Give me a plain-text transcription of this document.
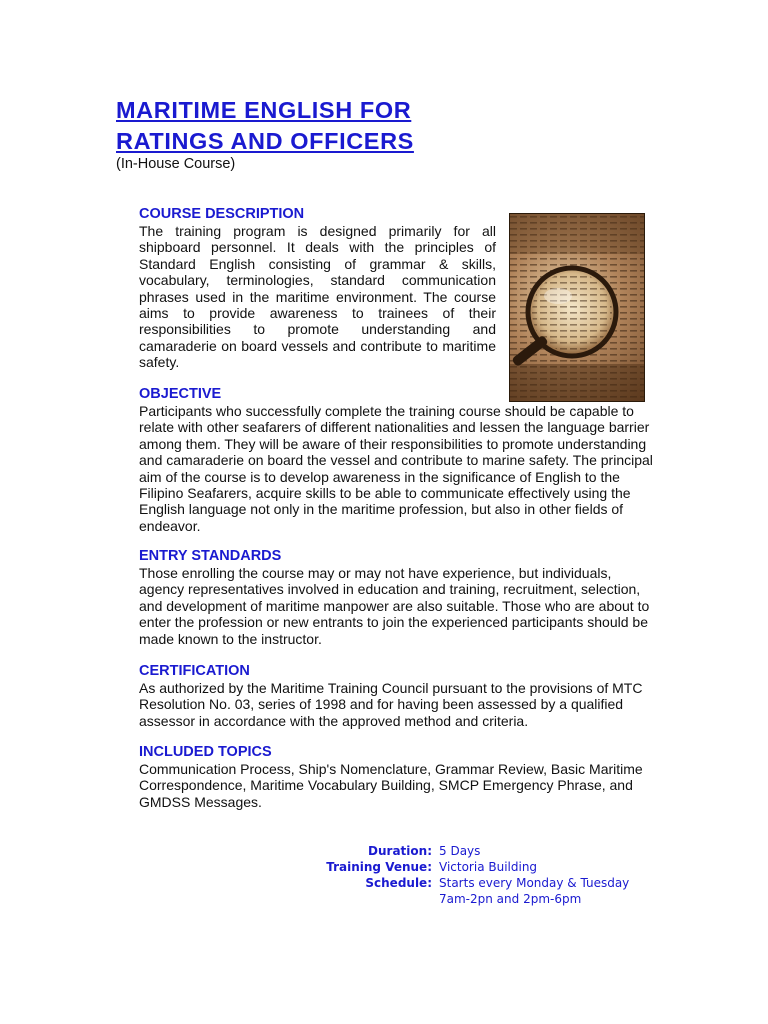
MARITIME ENGLISH FOR
RATINGS AND OFFICERS
(In-House Course)
COURSE DESCRIPTION

The training program is designed primarily for all shipboard personnel. It deals with the principles of Standard English consisting of grammar & skills, vocabulary, terminologies, standard communication phrases used in the maritime environment. The course aims to provide awareness to trainees of their responsibilities to promote understanding and camaraderie on board vessels and contribute to maritime safety.

OBJECTIVE

Participants who successfully complete the training course should be capable to relate with other seafarers of different nationalities and lessen the language barrier among them. They will be aware of their responsibilities to promote understanding and camaraderie on board the vessel and contribute to marine safety. The principal aim of the course is to develop awareness in the significance of English to the Filipino Seafarers, acquire skills to be able to communicate effectively using the English language not only in the maritime profession, but also in other fields of endeavor.

ENTRY STANDARDS

Those enrolling the course may or may not have experience, but individuals, agency representatives involved in education and training, recruitment, selection, and development of maritime manpower are also suitable. Those who are about to enter the profession or new entrants to join the experienced participants should be made known to the instructor.

CERTIFICATION

As authorized by the Maritime Training Council pursuant to the provisions of MTC Resolution No. 03, series of 1998 and for having been assessed by a qualified assessor in accordance with the approved method and criteria.

INCLUDED TOPICS

Communication Process, Ship's Nomenclature, Grammar Review, Basic Maritime Correspondence, Maritime Vocabulary Building, SMCP Emergency Phrase, and GMDSS Messages.

Duration: 5 Days
Training Venue: Victoria Building
Schedule: Starts every Monday & Tuesday
7am-2pn and 2pm-6pm
